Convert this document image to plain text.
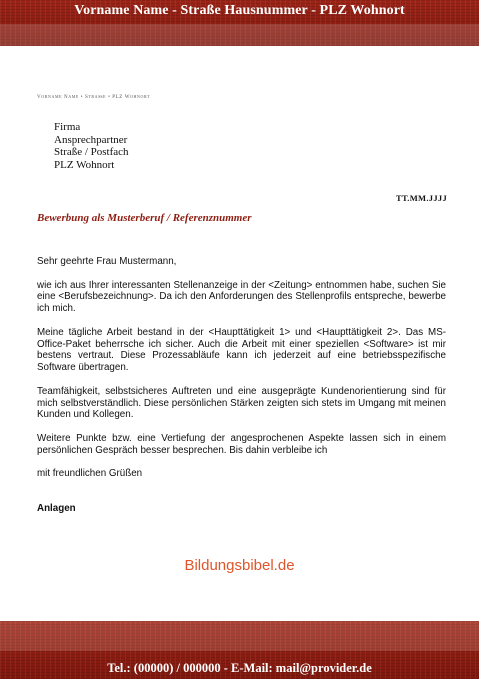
Vorname Name - Straße Hausnummer - PLZ Wohnort
Vorname Name • Straße • PLZ Wohnort
Firma
Ansprechpartner
Straße / Postfach
PLZ Wohnort
TT.MM.JJJJ
Bewerbung als Musterberuf / Referenznummer

Sehr geehrte Frau Mustermann,

wie ich aus Ihrer interessanten Stellenanzeige in der <Zeitung> entnommen habe, suchen Sie eine <Berufsbezeichnung>. Da ich den Anforderungen des Stellenprofils entspreche, bewerbe ich mich.

Meine tägliche Arbeit bestand in der <Haupttätigkeit 1> und <Haupttätigkeit 2>. Das MS-Office-Paket beherrsche ich sicher. Auch die Arbeit mit einer speziellen <Software> ist mir bestens vertraut. Diese Prozessabläufe kann ich jederzeit auf eine betriebsspezifische Software übertragen.

Teamfähigkeit, selbstsicheres Auftreten und eine ausgeprägte Kundenorientierung sind für mich selbstverständlich. Diese persönlichen Stärken zeigten sich stets im Umgang mit meinen Kunden und Kollegen.

Weitere Punkte bzw. eine Vertiefung der angesprochenen Aspekte lassen sich in einem persönlichen Gespräch besser besprechen. Bis dahin verbleibe ich

mit freundlichen Grüßen

Anlagen

Bildungsbibel.de
Tel.: (00000) / 000000 - E-Mail: mail@provider.de
